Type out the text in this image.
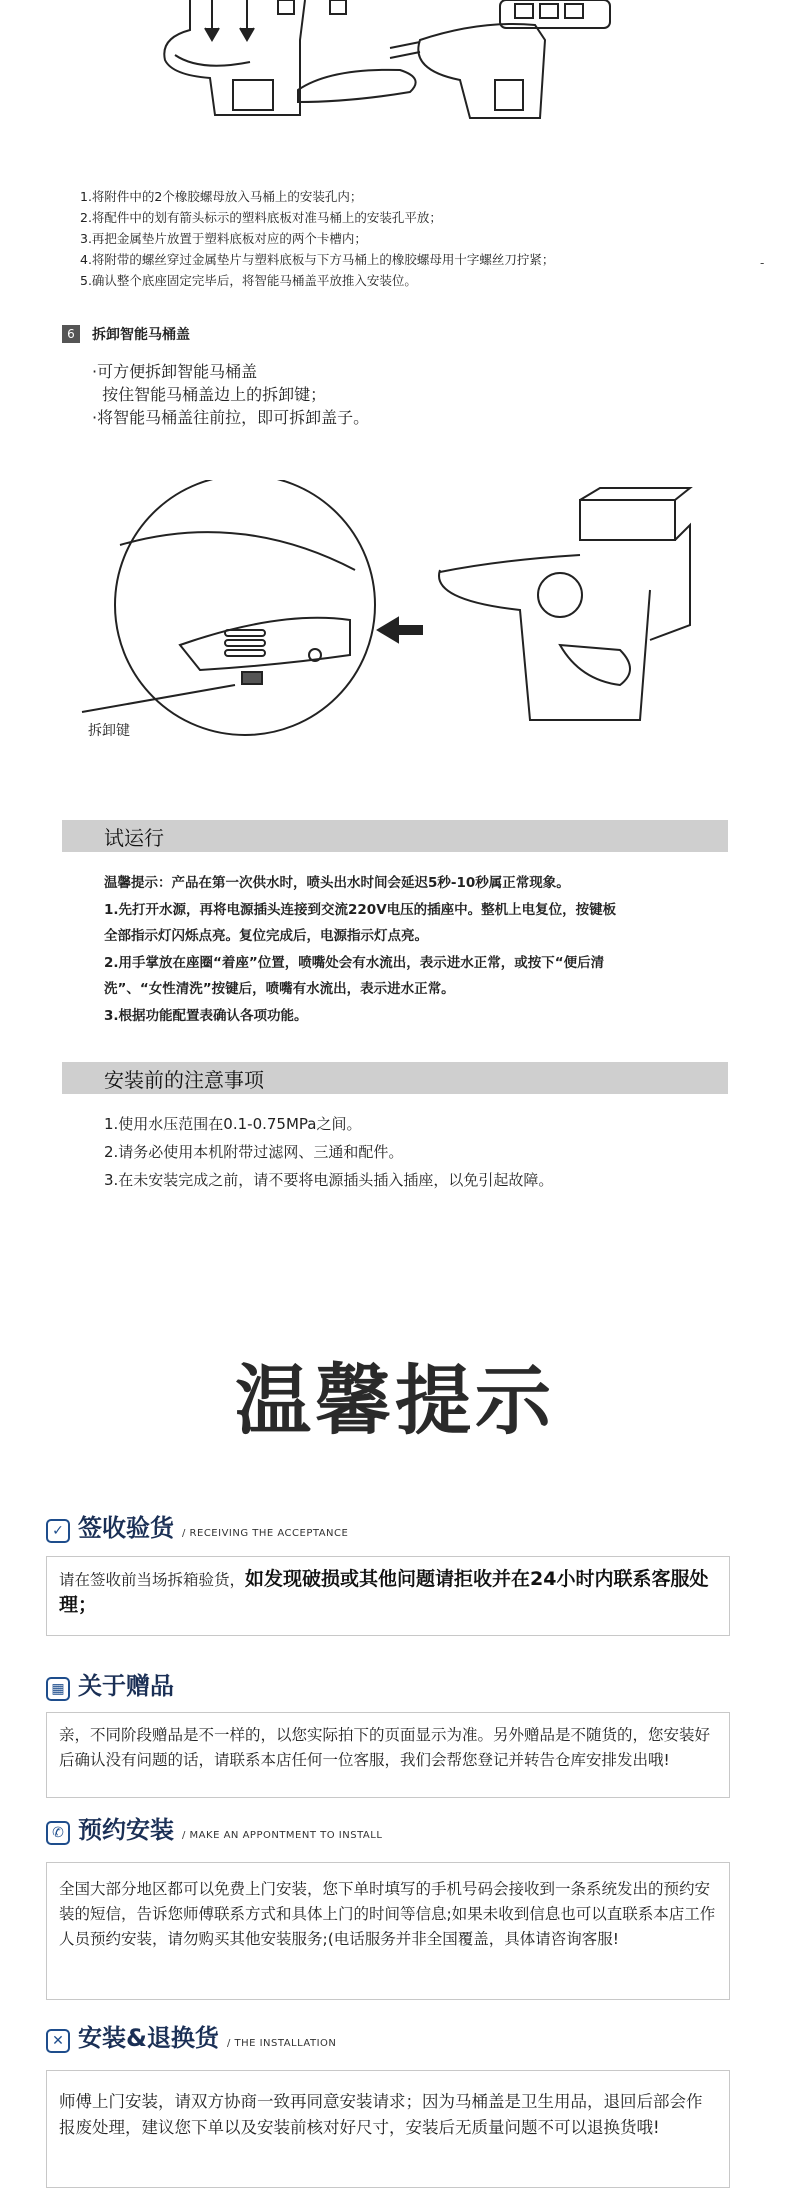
1.将附件中的2个橡胶螺母放入马桶上的安装孔内；
2.将配件中的划有箭头标示的塑料底板对准马桶上的安装孔平放；
3.再把金属垫片放置于塑料底板对应的两个卡槽内；
4.将附带的螺丝穿过金属垫片与塑料底板与下方马桶上的橡胶螺母用十字螺丝刀拧紧；
5.确认整个底座固定完毕后，将智能马桶盖平放推入安装位。
-
6	拆卸智能马桶盖
·可方便拆卸智能马桶盖
按住智能马桶盖边上的拆卸键；
·将智能马桶盖往前拉，即可拆卸盖子。
拆卸键
试运行
温馨提示：产品在第一次供水时，喷头出水时间会延迟5秒-10秒属正常现象。
1.先打开水源，再将电源插头连接到交流220V电压的插座中。整机上电复位，按键板
全部指示灯闪烁点亮。复位完成后，电源指示灯点亮。
2.用手掌放在座圈“着座”位置，喷嘴处会有水流出，表示进水正常，或按下“便后清
洗”、“女性清洗”按键后，喷嘴有水流出，表示进水正常。
3.根据功能配置表确认各项功能。
安装前的注意事项
1.使用水压范围在0.1-0.75MPa之间。
2.请务必使用本机附带过滤网、三通和配件。
3.在未安装完成之前，请不要将电源插头插入插座，以免引起故障。
温馨提示
✓ 签收验货 / RECEIVING THE ACCEPTANCE
请在签收前当场拆箱验货，如发现破损或其他问题请拒收并在24小时内联系客服处理；
▦ 关于赠品
亲，不同阶段赠品是不一样的，以您实际拍下的页面显示为准。另外赠品是不随货的，您安装好后确认没有问题的话，请联系本店任何一位客服，我们会帮您登记并转告仓库安排发出哦!
✆ 预约安装 / MAKE AN APPONTMENT TO INSTALL
全国大部分地区都可以免费上门安装，您下单时填写的手机号码会接收到一条系统发出的预约安装的短信，告诉您师傅联系方式和具体上门的时间等信息;如果未收到信息也可以直联系本店工作人员预约安装，请勿购买其他安装服务;(电话服务并非全国覆盖，具体请咨询客服!
✕ 安装&退换货 / THE INSTALLATION
师傅上门安装，请双方协商一致再同意安装请求；因为马桶盖是卫生用品，退回后部会作报废处理，建议您下单以及安装前核对好尺寸，安装后无质量问题不可以退换货哦!
